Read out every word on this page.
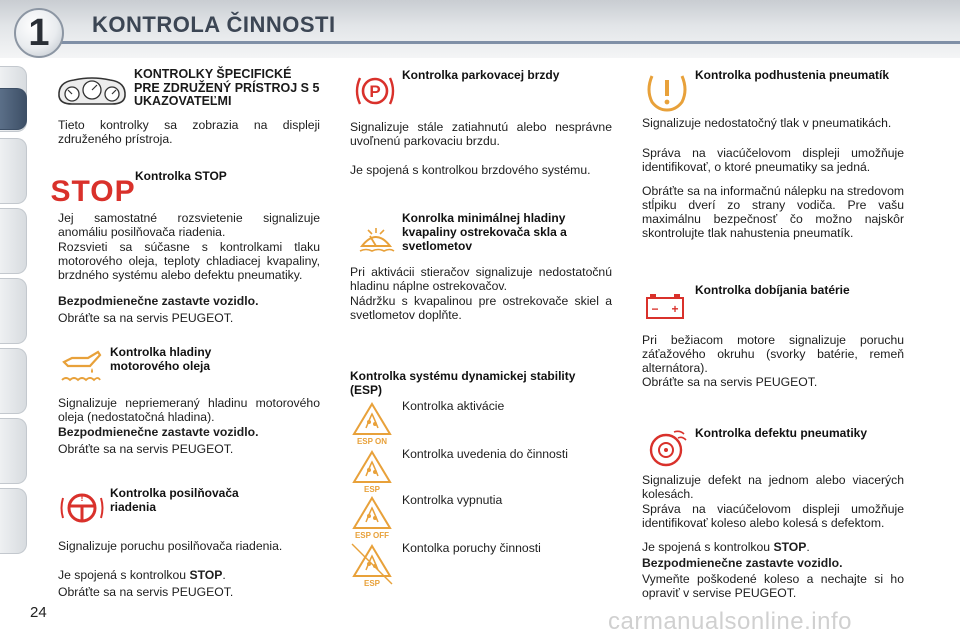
1	KONTROLA ČINNOSTI
KONTROLKY ŠPECIFICKÉ PRE ZDRUŽENÝ PRÍSTROJ S 5 UKAZOVATEĽMI
Tieto kontrolky sa zobrazia na displeji združeného prístroja.
STOP Kontrolka STOP
Jej samostatné rozsvietenie signalizuje anomáliu posilňovača riadenia.
Rozsvieti sa súčasne s kontrolkami tlaku motorového oleja, teploty chladiacej kvapaliny, brzdného systému alebo defektu pneumatiky.
Bezpodmienečne zastavte vozidlo.
Obráťte sa na servis PEUGEOT.
Kontrolka hladiny motorového oleja
Signalizuje nepriemeraný hladinu motorového oleja (nedostatočná hladina).
Bezpodmienečne zastavte vozidlo.
Obráťte sa na servis PEUGEOT.
! Kontrolka posilňovača riadenia
Signalizuje poruchu posilňovača riadenia.
Je spojená s kontrolkou STOP.
Obráťte sa na servis PEUGEOT.
P
Kontrolka parkovacej brzdy
Signalizuje stále zatiahnutú alebo nesprávne uvoľnenú parkovaciu brzdu.
Je spojená s kontrolkou brzdového systému.
Konrolka minimálnej hladiny kvapaliny ostrekovača skla a svetlometov
Pri aktivácii stieračov signalizuje nedostatočnú hladinu náplne ostrekovačov.
Nádržku s kvapalinou pre ostrekovače skiel a svetlometov doplňte.
Kontrolka systému dynamickej stability (ESP)
ESP ON
Kontrolka aktivácie
ESP
Kontrolka uvedenia do činnosti
ESP OFF
Kontrolka vypnutia
ESP
Kontolka poruchy činnosti
Kontrolka podhustenia pneumatík
Signalizuje nedostatočný tlak v pneumatikách.
Správa na viacúčelovom displeji umožňuje identifikovať, o ktoré pneumatiky sa jedná.
Obráťte sa na informačnú nálepku na stredovom stĺpiku dverí zo strany vodiča. Pre vašu maximálnu bezpečnosť čo možno najskôr skontrolujte tlak nahustenia pneumatík.
− +
Kontrolka dobíjania batérie
Pri bežiacom motore signalizuje poruchu záťažového okruhu (svorky batérie, remeň alternátora).
Obráťte sa na servis PEUGEOT.
Kontrolka defektu pneumatiky
Signalizuje defekt na jednom alebo viacerých kolesách.
Správa na viacúčelovom displeji umožňuje identifikovať koleso alebo kolesá s defektom.
Je spojená s kontrolkou STOP.
Bezpodmienečne zastavte vozidlo.
Vymeňte poškodené koleso a nechajte si ho opraviť v servise PEUGEOT.
24	carmanualsonline.info
